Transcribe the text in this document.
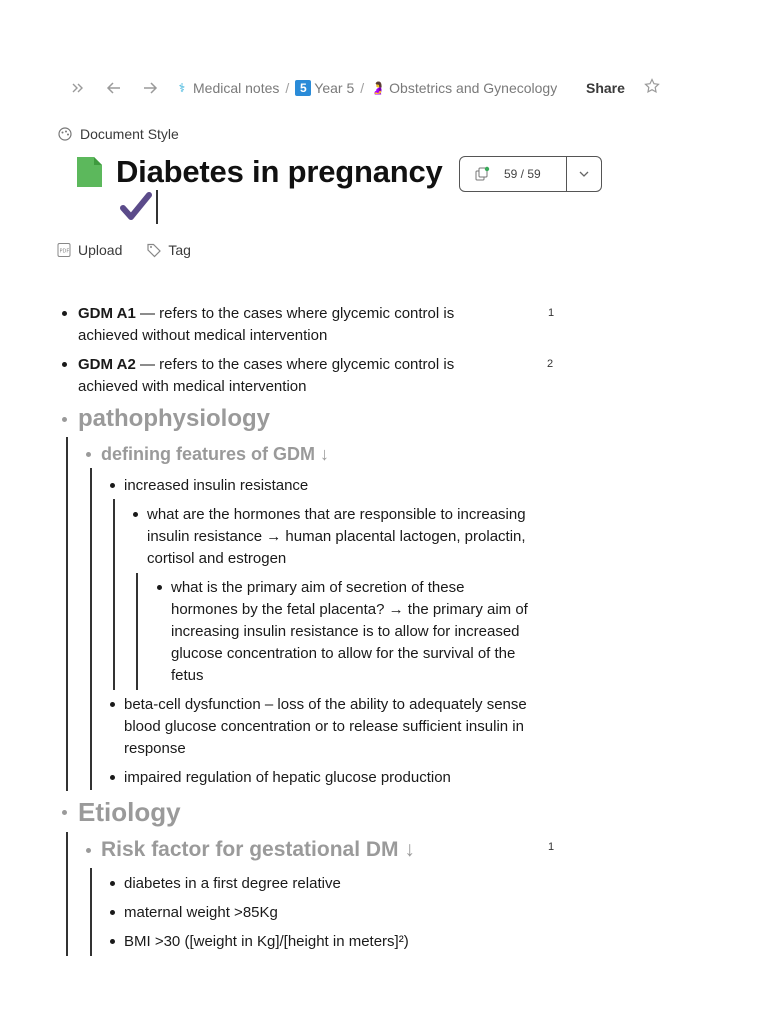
⚕ Medical notes / 5 Year 5 / 🤰 Obstetrics and Gynecology Share
Document Style
Diabetes in pregnancy	59 / 59
PDF Upload	Tag
GDM A1 — refers to the cases where glycemic control is
achieved without medical intervention
1
GDM A2 — refers to the cases where glycemic control is
achieved with medical intervention
2
pathophysiology
defining features of GDM ↓
increased insulin resistance
what are the hormones that are responsible to increasing
insulin resistance → human placental lactogen, prolactin,
cortisol and estrogen
what is the primary aim of secretion of these
hormones by the fetal placenta? → the primary aim of
increasing insulin resistance is to allow for increased
glucose concentration to allow for the survival of the
fetus
beta-cell dysfunction – loss of the ability to adequately sense
blood glucose concentration or to release sufficient insulin in
response
impaired regulation of hepatic glucose production
Etiology
Risk factor for gestational DM ↓	1
diabetes in a first degree relative
maternal weight >85Kg
BMI >30 ([weight in Kg]/[height in meters]²)
